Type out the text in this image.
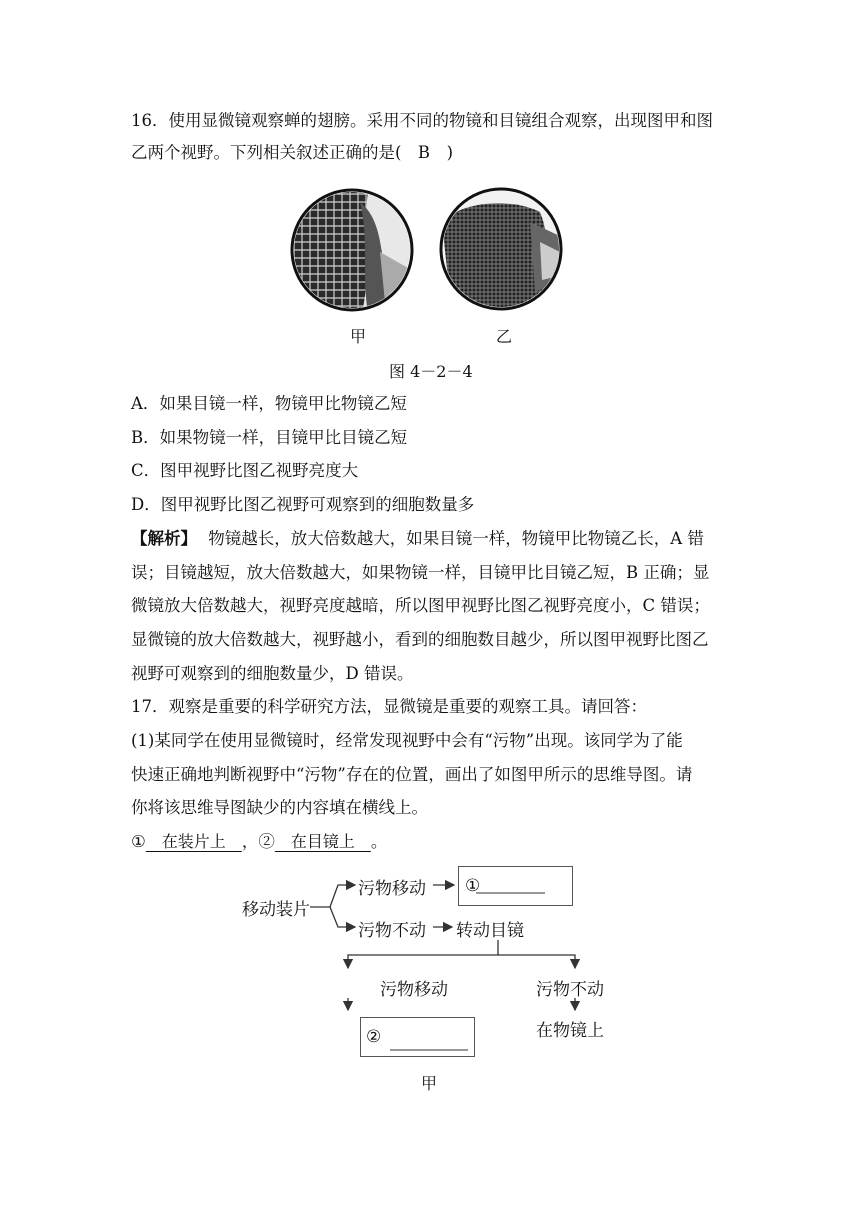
16．使用显微镜观察蝉的翅膀。采用不同的物镜和目镜组合观察，出现图甲和图
乙两个视野。下列相关叙述正确的是(　B　)
甲	乙
图 4－2－4
A．如果目镜一样，物镜甲比物镜乙短
B．如果物镜一样，目镜甲比目镜乙短
C．图甲视野比图乙视野亮度大
D．图甲视野比图乙视野可观察到的细胞数量多
【解析】 物镜越长，放大倍数越大，如果目镜一样，物镜甲比物镜乙长，A 错
误；目镜越短，放大倍数越大，如果物镜一样，目镜甲比目镜乙短，B 正确；显
微镜放大倍数越大，视野亮度越暗，所以图甲视野比图乙视野亮度小，C 错误；
显微镜的放大倍数越大，视野越小，看到的细胞数目越少，所以图甲视野比图乙
视野可观察到的细胞数量少，D 错误。
17．观察是重要的科学研究方法，显微镜是重要的观察工具。请回答：
(1)某同学在使用显微镜时，经常发现视野中会有“污物”出现。该同学为了能
快速正确地判断视野中“污物”存在的位置，画出了如图甲所示的思维导图。请
你将该思维导图缺少的内容填在横线上。
①　在装片上　，②　在目镜上　。
移动装片
污物移动
污物不动 转动目镜
①
污物移动	污物不动
②	在物镜上
甲
